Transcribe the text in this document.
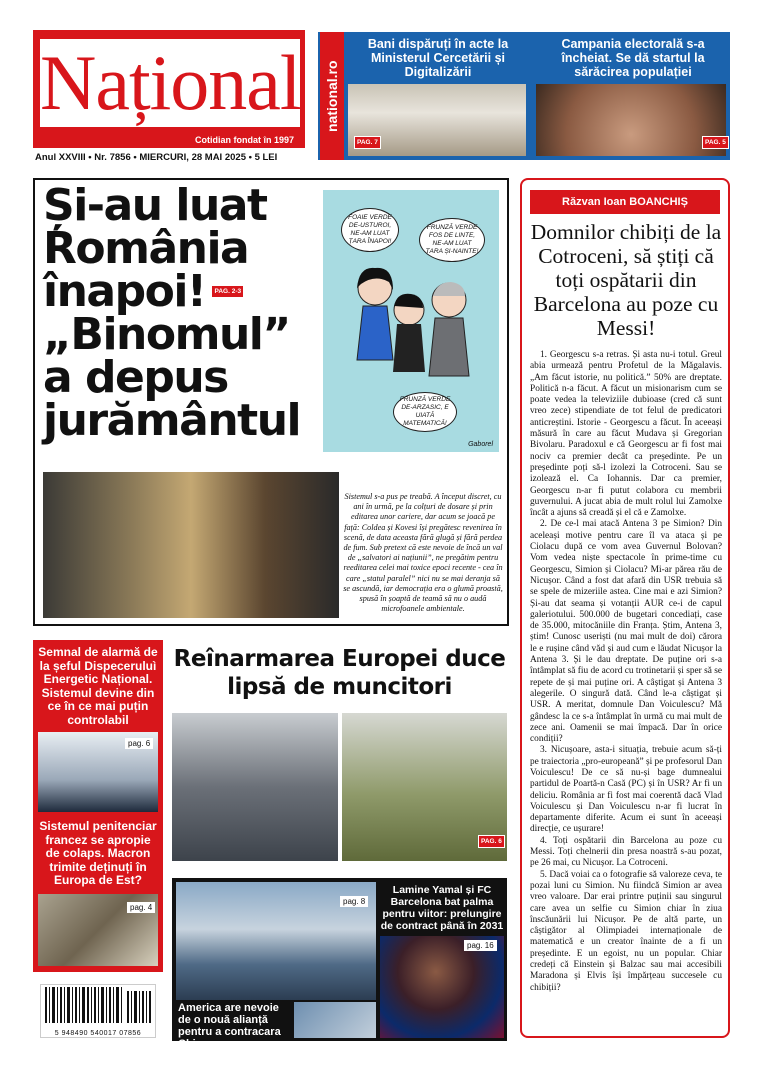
Național
Cotidian fondat în 1997
Anul XXVIII • Nr. 7856 • MIERCURI, 28 MAI 2025 • 5 LEI
national.ro
Bani dispăruți în acte la Ministerul Cercetării și Digitalizării
PAG. 7
Campania electorală s-a încheiat. Se dă startul la sărăcirea populației
PAG. 5
Și-au luat
România
înapoi!	PAG. 2-3
„Binomul”
a depus
jurământul
FOAIE VERDE DE-USTUROI, NE-AM LUAT ȚARA ÎNAPOI!
FRUNZĂ VERDE FOS DE LINTE, NE-AM LUAT ȚARA ȘI-NAINTE!
FRUNZĂ VERDE DE-ARZASIC, E UIATĂ MATEMATICĂ!
Gaborel
Sistemul s-a pus pe treabă. A început discret, cu ani în urmă, pe la colțuri de dosare și prin editarea unor cariere, dar acum se joacă pe față: Coldea și Kovesi își pregătesc revenirea în scenă, de data aceasta fără glugă și fără perdea de fum. Sub pretext că este nevoie de încă un val de „salvatori ai națiunii”, ne pregătim pentru reeditarea celei mai toxice epoci recente - cea în care „statul paralel” nici nu se mai deranja să se ascundă, iar democrația era o glumă proastă, spusă în șoaptă de teamă să nu o audă microfoanele ambientale.
Răzvan Ioan BOANCHIȘ
Domnilor chibiți de la Cotroceni, să știți că toți ospătarii din Barcelona au poze cu Messi!

1. Georgescu s-a retras. Și asta nu-i totul. Greul abia urmează pentru Profetul de la Măgalavis. „Am făcut istorie, nu politică.” 50% are dreptate. Politică n-a făcut. A făcut un misionarism cum se poate vedea la televiziile dubioase (cred că sunt vreo zece) stipendiate de tot felul de predicatori anticreștini. Istorie - Georgescu a făcut. În aceeași măsură în care au făcut Mudava și Gregorian Bivolaru. Paradoxul e că Georgescu ar fi fost mai nociv ca premier decât ca președinte. Pe un președinte poți să-l izolezi la Cotroceni. Sau se izolează el. Ca Iohannis. Dar ca premier, Georgescu n-ar fi putut colabora cu membrii guvernului. A jucat abia de mult rolul lui Zamolxe încât a ajuns să creadă și el că e Zamolxe.

2. De ce-l mai atacă Antena 3 pe Simion? Din aceleași motive pentru care îl va ataca și pe Ciolacu după ce vom avea Guvernul Bolovan? Vom vedea niște spectacole în prime-time cu Georgescu, Simion și Ciolacu? Mi-ar părea rău de Nicușor. Când a fost dat afară din USR trebuia să se spele de mizeriile astea. Cine mai e azi Simion? Și-au dat seama și votanții AUR ce-i de capul galeriotului. 500.000 de bugetari concediați, case de 35.000, mitocăniile din Franța. Știm, Antena 3, știm! Cunosc useriști (nu mai mult de doi) cărora le e rușine când văd și aud cum e lăudat Nicușor la Antena 3. Și le dau dreptate. De puține ori s-a întâmplat să fiu de acord cu trotinetarii și sper să se repete de și mai puține ori. A câștigat și Antena 3 alegerile. O singură dată. Când le-a câștigat și USR. A meritat, domnule Dan Voiculescu? Mă gândesc la ce s-a întâmplat în urmă cu mai mult de zece ani. Oamenii se mai împacă. Dar în orice condiții?

3. Nicușoare, asta-i situația, trebuie acum să-ți pe traiectoria „pro-europeană” și pe profesorul Dan Voiculescu! De ce să nu-și bage dumnealui partidul de Poartă-n Casă (PC) și în USR? Ar fi un deliciu. România ar fi fost mai coerentă dacă Vlad Voiculescu și Dan Voiculescu n-ar fi lucrat în departamente diferite. Acum ei sunt în aceeași direcție, ce ușurare!

4. Toți ospătarii din Barcelona au poze cu Messi. Toți chelnerii din presa noastră s-au pozat, pe 26 mai, cu Nicușor. La Cotroceni.

5. Dacă voiai ca o fotografie să valoreze ceva, te pozai luni cu Simion. Nu fiindcă Simion ar avea vreo valoare. Dar erai printre puținii sau singurul care avea un selfie cu Simion chiar în ziua înscăunării lui Nicușor. Pe de altă parte, un câștigător al Olimpiadei internaționale de matematică e un creator înainte de a fi un președinte. E un egoist, nu un popular. Chiar credeți că Einstein și Balzac sau mai accesibili Maradona și Elvis își împărțeau succesele cu chibiții?

Semnal de alarmă de la șeful Dispeceruluì Energetic Național. Sistemul devine din ce în ce mai puțin controlabil
pag. 6
Sistemul penitenciar francez se apropie de colaps. Macron trimite deținuți în Europa de Est?
pag. 4
5 948490 540017 07856
Reînarmarea Europei duce lipsă de muncitori
PAG. 6
pag. 8
America are nevoie de o nouă alianță pentru a contracara China
Lamine Yamal și FC Barcelona bat palma pentru viitor: prelungire de contract până în 2031
pag. 16
